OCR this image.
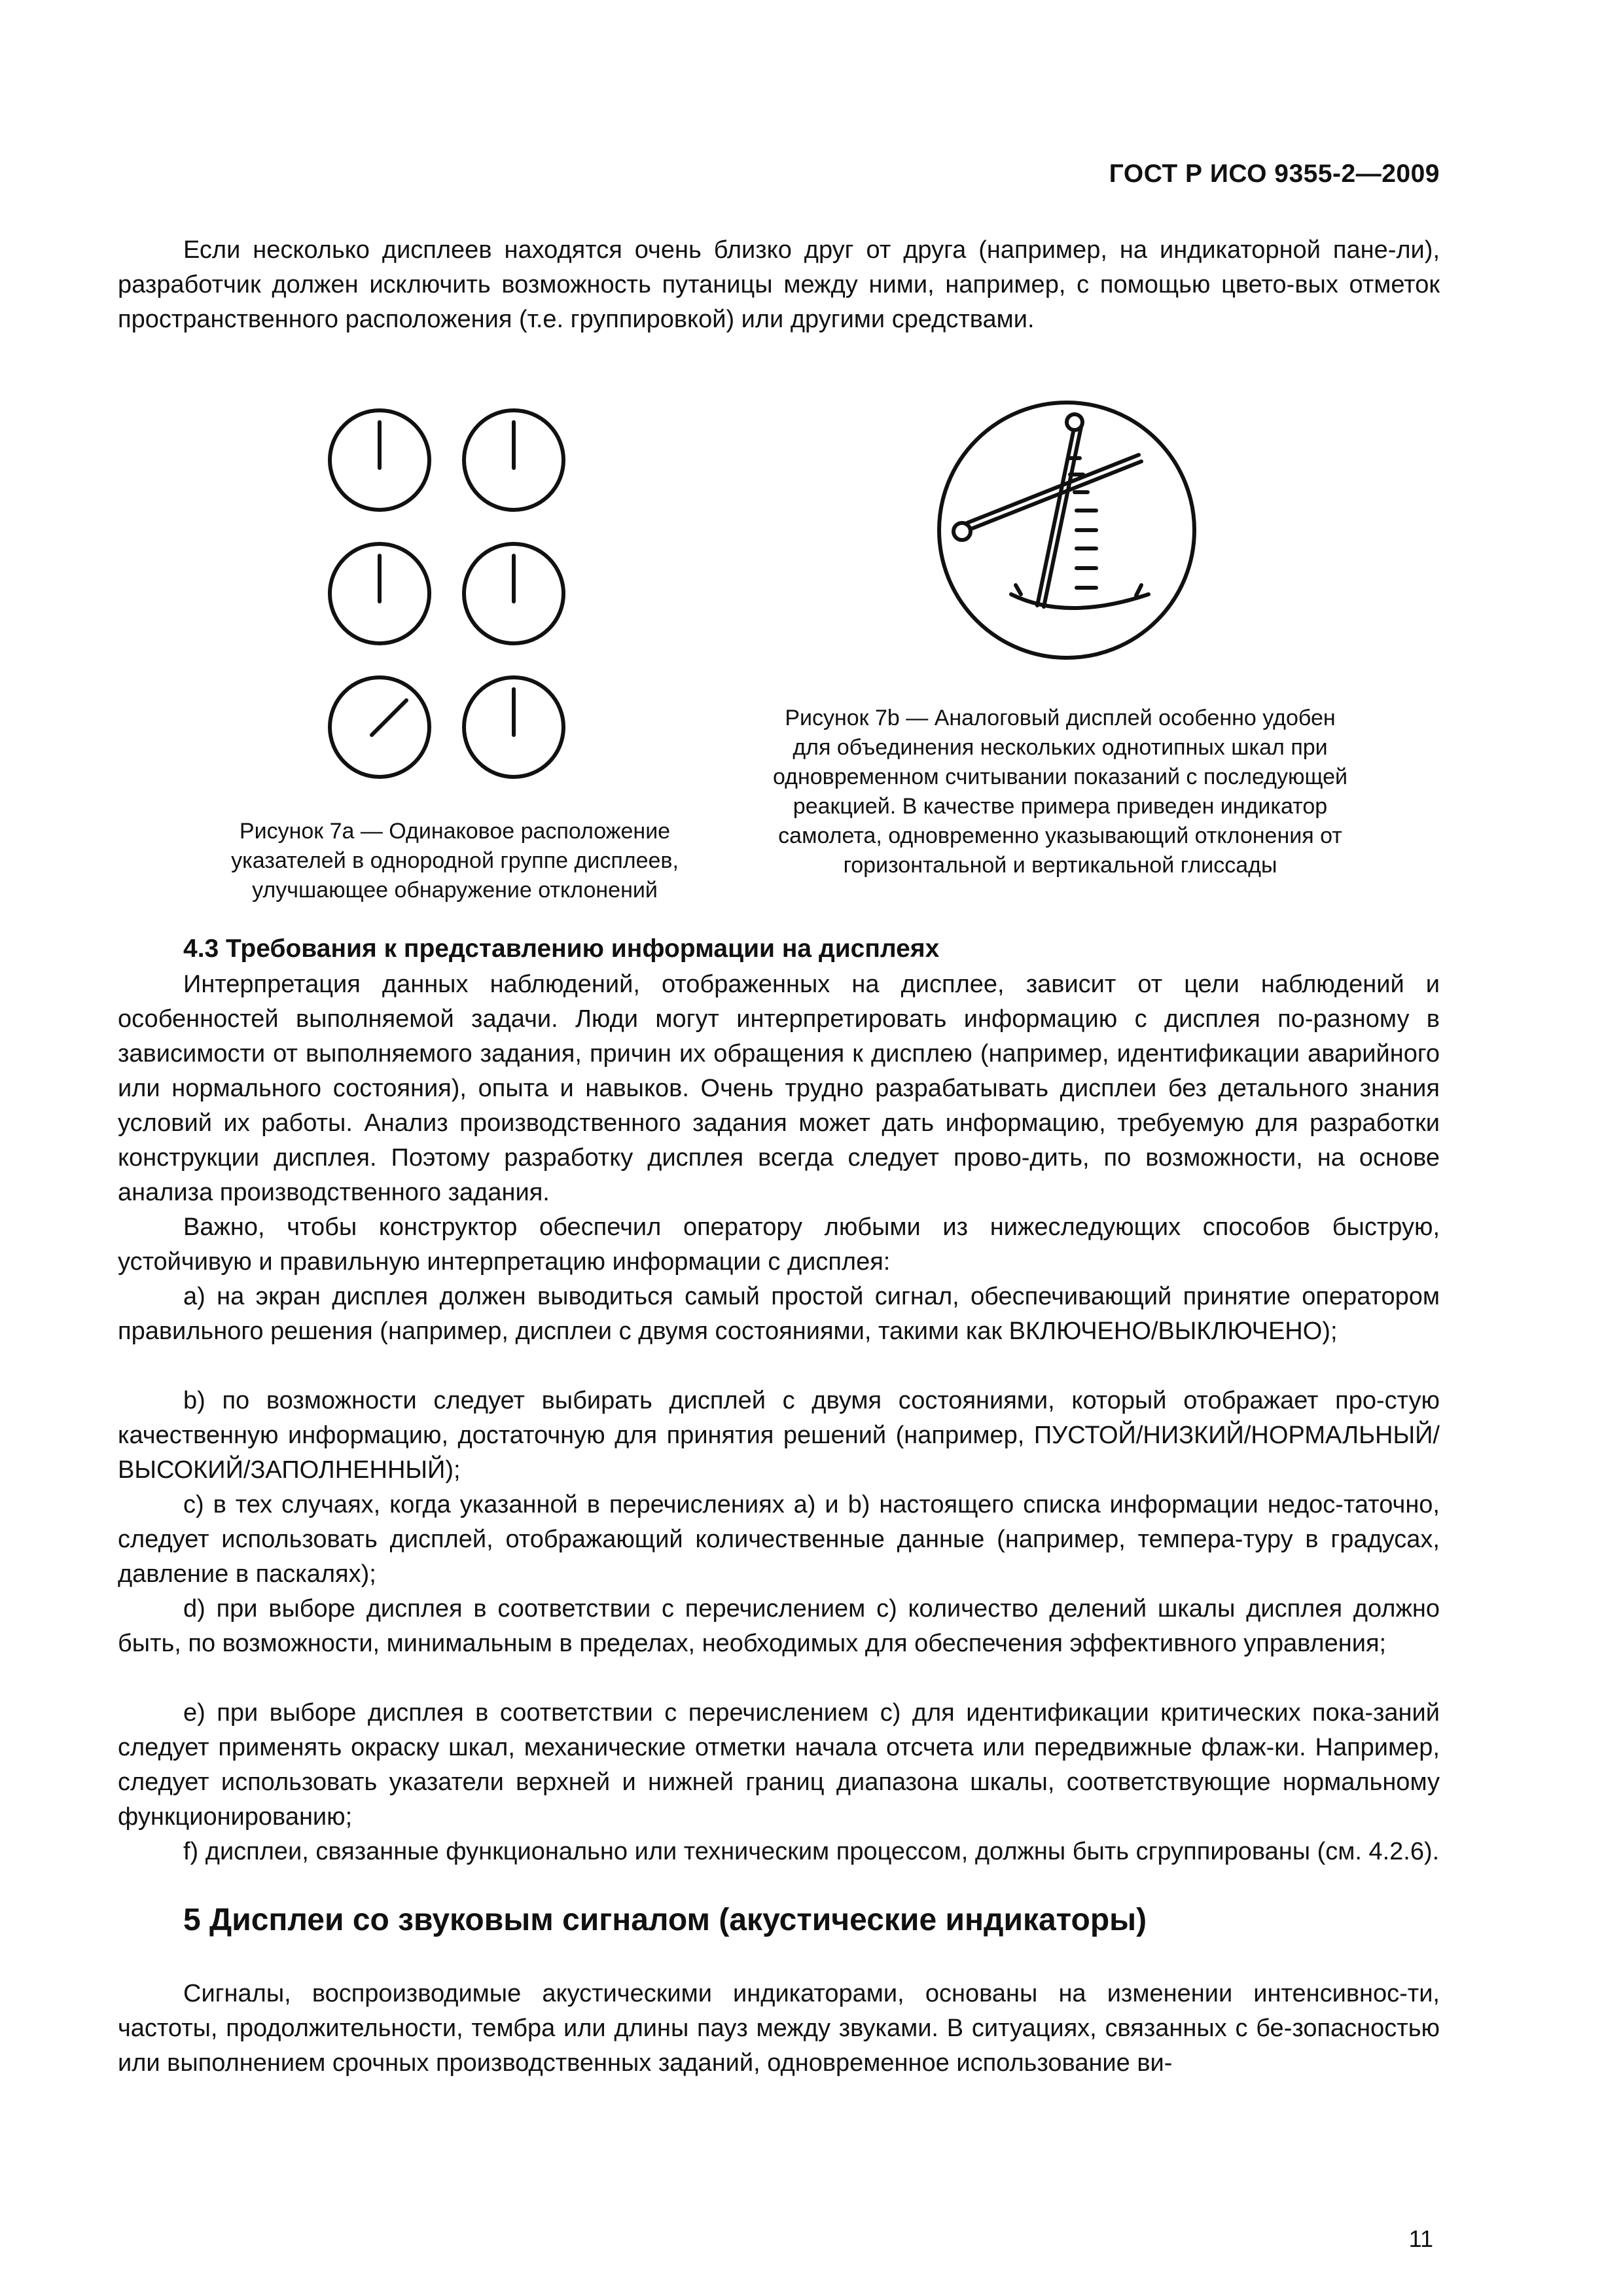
ГОСТ Р ИСО 9355-2—2009

Если несколько дисплеев находятся очень близко друг от друга (например, на индикаторной пане-ли), разработчик должен исключить возможность путаницы между ними, например, с помощью цвето-вых отметок пространственного расположения (т.е. группировкой) или другими средствами.

Рисунок 7а — Одинаковое расположение указателей в однородной группе дисплеев, улучшающее обнаружение отклонений
Рисунок 7b — Аналоговый дисплей особенно удобен для объединения нескольких однотипных шкал при одновременном считывании показаний с последующей реакцией. В качестве примера приведен индикатор самолета, одновременно указывающий отклонения от горизонтальной и вертикальной глиссады
4.3 Требования к представлению информации на дисплеях

Интерпретация данных наблюдений, отображенных на дисплее, зависит от цели наблюдений и особенностей выполняемой задачи. Люди могут интерпретировать информацию с дисплея по-разному в зависимости от выполняемого задания, причин их обращения к дисплею (например, идентификации аварийного или нормального состояния), опыта и навыков. Очень трудно разрабатывать дисплеи без детального знания условий их работы. Анализ производственного задания может дать информацию, требуемую для разработки конструкции дисплея. Поэтому разработку дисплея всегда следует прово-дить, по возможности, на основе анализа производственного задания.

Важно, чтобы конструктор обеспечил оператору любыми из нижеследующих способов быструю, устойчивую и правильную интерпретацию информации с дисплея:

а) на экран дисплея должен выводиться самый простой сигнал, обеспечивающий принятие оператором правильного решения (например, дисплеи с двумя состояниями, такими как ВКЛЮЧЕНО/ВЫКЛЮЧЕНО);

b) по возможности следует выбирать дисплей с двумя состояниями, который отображает про-стую качественную информацию, достаточную для принятия решений (например, ПУСТОЙ/НИЗКИЙ/НОРМАЛЬНЫЙ/ВЫСОКИЙ/ЗАПОЛНЕННЫЙ);

с) в тех случаях, когда указанной в перечислениях а) и b) настоящего списка информации недос-таточно, следует использовать дисплей, отображающий количественные данные (например, темпера-туру в градусах, давление в паскалях);

d) при выборе дисплея в соответствии с перечислением с) количество делений шкалы дисплея должно быть, по возможности, минимальным в пределах, необходимых для обеспечения эффективного управления;

е) при выборе дисплея в соответствии с перечислением с) для идентификации критических пока-заний следует применять окраску шкал, механические отметки начала отсчета или передвижные флаж-ки. Например, следует использовать указатели верхней и нижней границ диапазона шкалы, соответствующие нормальному функционированию;

f) дисплеи, связанные функционально или техническим процессом, должны быть сгруппированы (см. 4.2.6).

5 Дисплеи со звуковым сигналом (акустические индикаторы)

Сигналы, воспроизводимые акустическими индикаторами, основаны на изменении интенсивнос-ти, частоты, продолжительности, тембра или длины пауз между звуками. В ситуациях, связанных с бе-зопасностью или выполнением срочных производственных заданий, одновременное использование ви-

11
